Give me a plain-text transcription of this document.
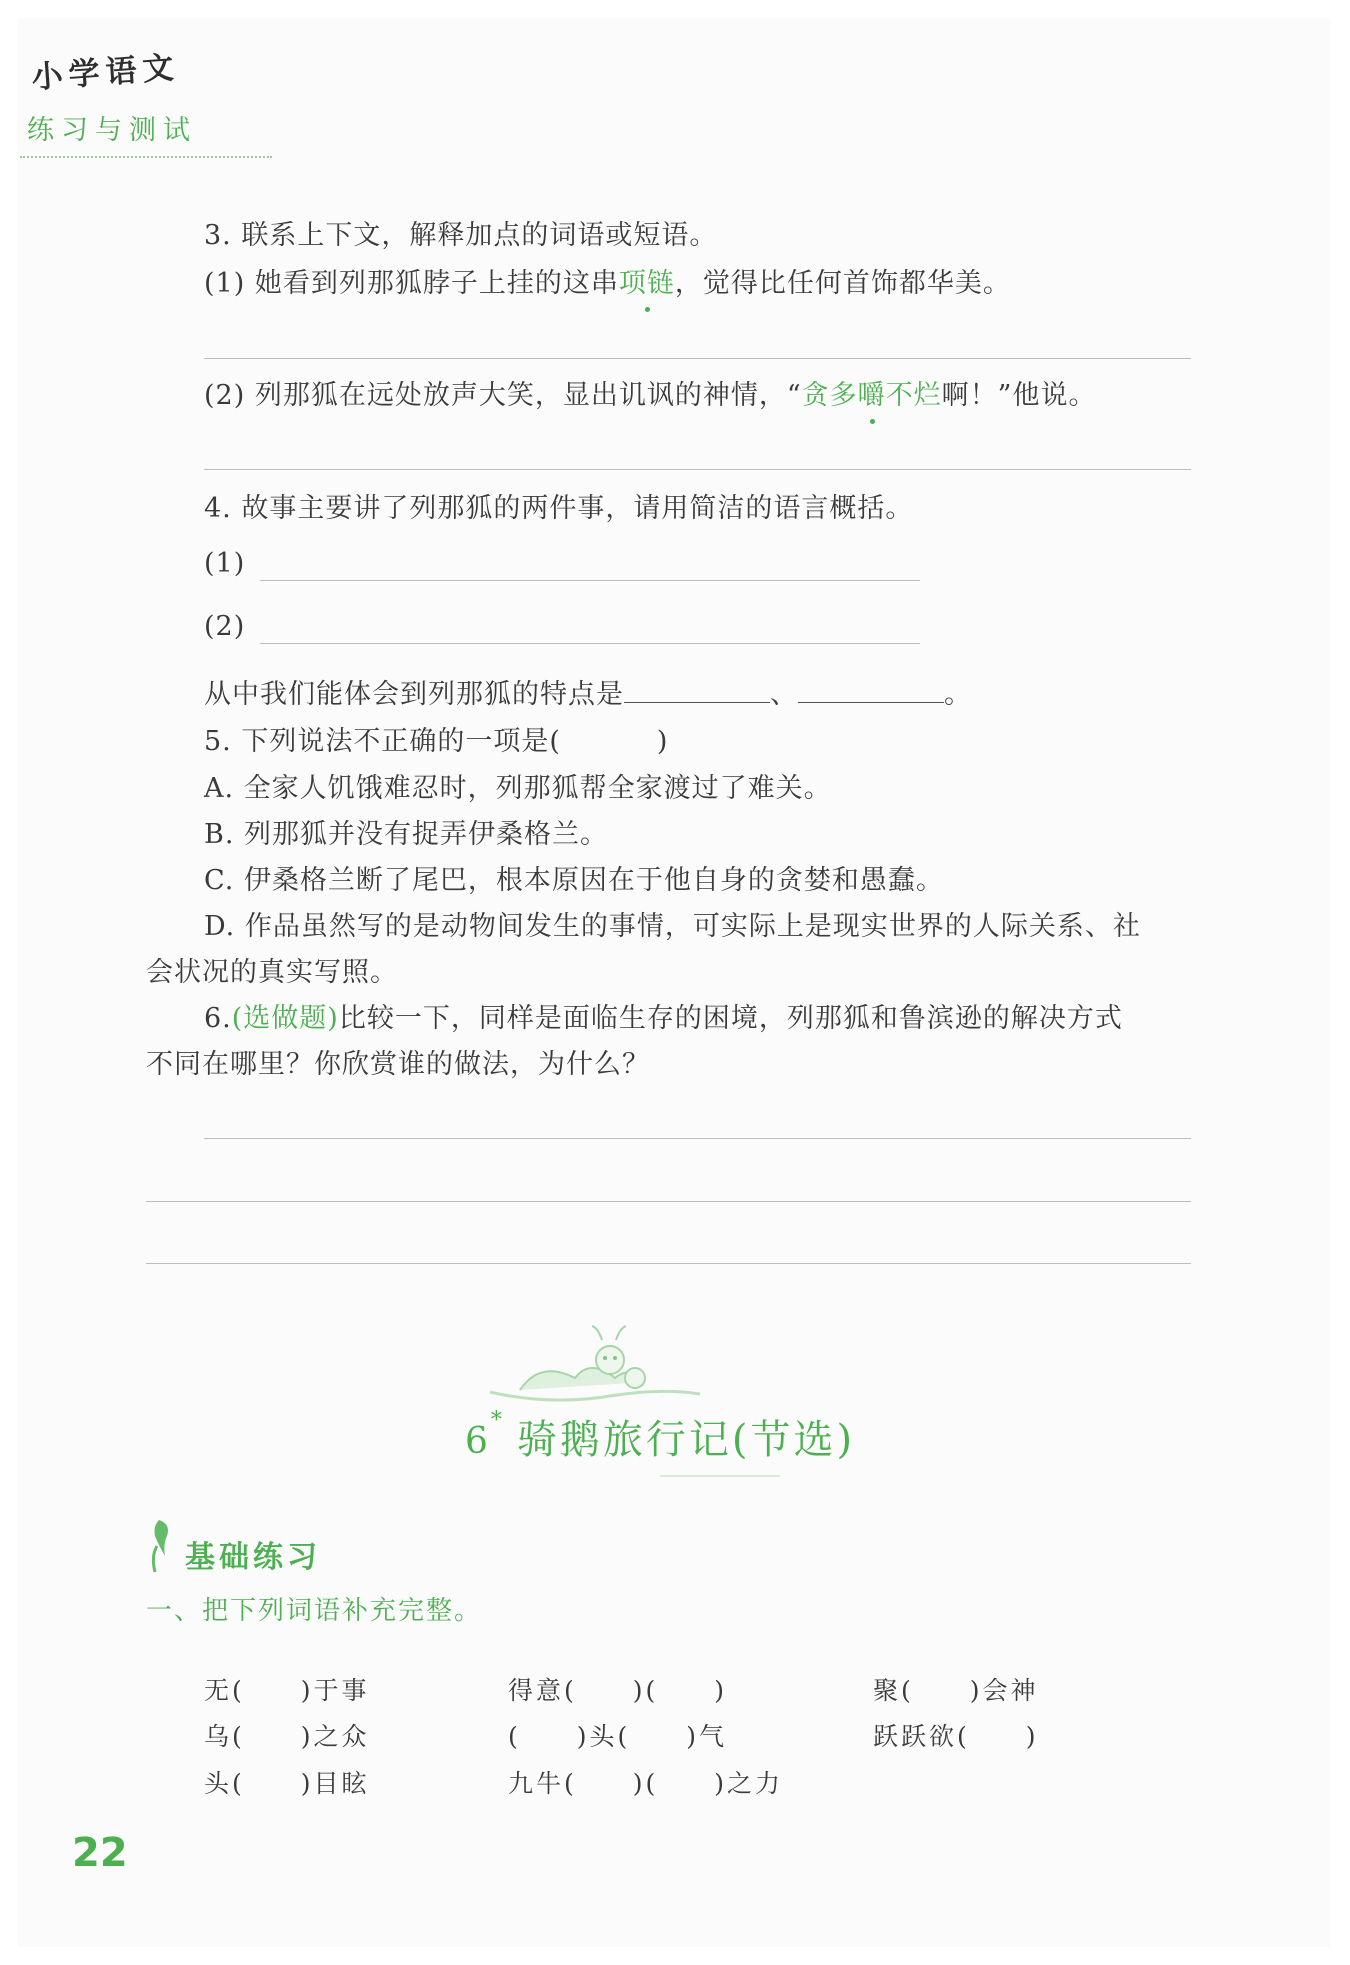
小学语文
练习与测试
3. 联系上下文，解释加点的词语或短语。
(1) 她看到列那狐脖子上挂的这串项链，觉得比任何首饰都华美。
(2) 列那狐在远处放声大笑，显出讥讽的神情，“贪多嚼不烂啊！”他说。
4. 故事主要讲了列那狐的两件事，请用简洁的语言概括。
(1)
(2)
从中我们能体会到列那狐的特点是	、	。
5. 下列说法不正确的一项是(	)
A. 全家人饥饿难忍时，列那狐帮全家渡过了难关。
B. 列那狐并没有捉弄伊桑格兰。
C. 伊桑格兰断了尾巴，根本原因在于他自身的贪婪和愚蠢。
D. 作品虽然写的是动物间发生的事情，可实际上是现实世界的人际关系、社
会状况的真实写照。
6.(选做题)比较一下，同样是面临生存的困境，列那狐和鲁滨逊的解决方式
不同在哪里？你欣赏谁的做法，为什么？
6* 骑鹅旅行记(节选)
基础练习
一、把下列词语补充完整。
无(　　)于事	得意(　　)(　　)	聚(　　)会神
乌(　　)之众	(　　)头(　　)气	跃跃欲(　　)
头(　　)目眩	九牛(　　)(　　)之力
22
